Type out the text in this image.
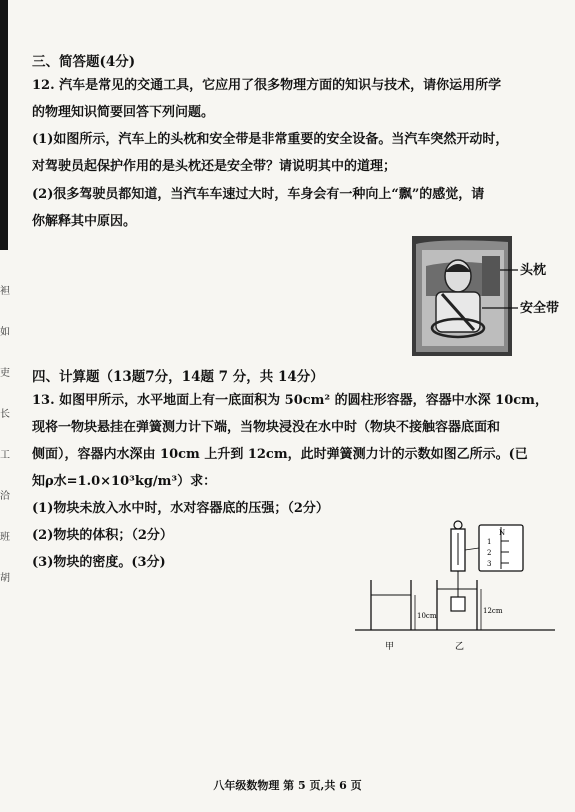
袒
如
吏
长
工
洽
班
胡
三、简答题(4分)
12. 汽车是常见的交通工具，它应用了很多物理方面的知识与技术，请你运用所学
的物理知识简要回答下列问题。
(1)如图所示，汽车上的头枕和安全带是非常重要的安全设备。当汽车突然开动时，
对驾驶员起保护作用的是头枕还是安全带？请说明其中的道理；
(2)很多驾驶员都知道，当汽车车速过大时，车身会有一种向上“飘”的感觉，请
你解释其中原因。
头枕
安全带
四、计算题（13题7分，14题 7 分，共 14分）
13. 如图甲所示，水平地面上有一底面积为 50cm² 的圆柱形容器，容器中水深 10cm，
现将一物块悬挂在弹簧测力计下端，当物块浸没在水中时（物块不接触容器底面和
侧面），容器内水深由 10cm 上升到 12cm，此时弹簧测力计的示数如图乙所示。(已
知ρ水=1.0×10³kg/m³）求：
(1)物块未放入水中时，水对容器底的压强；（2分）
(2)物块的体积；（2分）
(3)物块的密度。(3分)
N
1
2
3
10cm
12cm
甲	乙
八年级数物理 第 5 页,共 6 页
